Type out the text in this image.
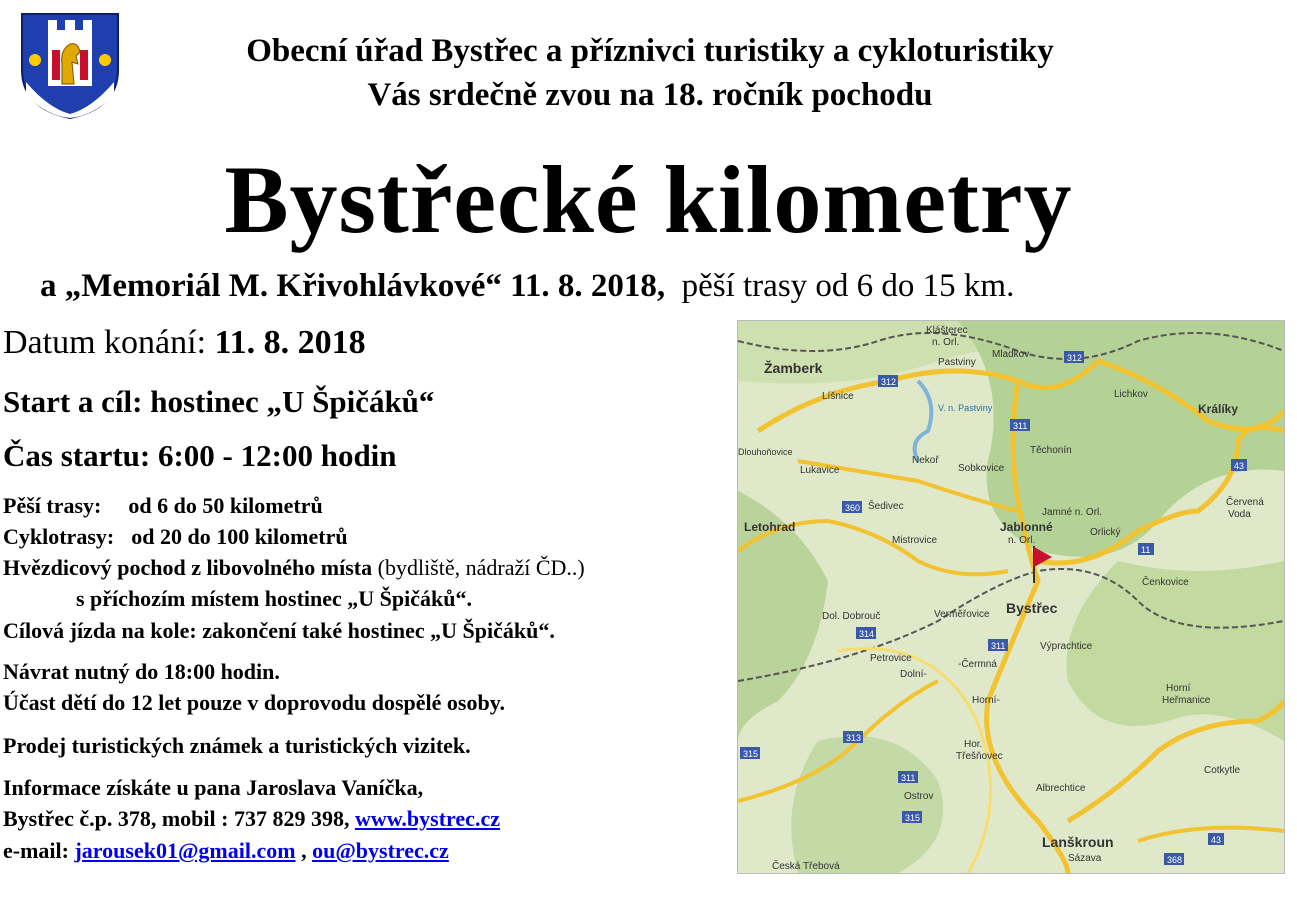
Obecní úřad Bystřec a příznivci turistiky a cykloturistiky
Vás srdečně zvou na 18. ročník pochodu
Bystřecké kilometry
a „Memoriál M. Křivohlávkové“ 11. 8. 2018, pěší trasy od 6 do 15 km.
Datum konání: 11. 8. 2018
Start a cíl: hostinec „U Špičáků“
Čas startu: 6:00 - 12:00 hodin
Pěší trasy: od 6 do 50 kilometrů
Cyklotrasy: od 20 do 100 kilometrů
Hvězdicový pochod z libovolného místa (bydliště, nádraží ČD..)
s příchozím místem hostinec „U Špičáků“.
Cílová jízda na kole: zakončení také hostinec „U Špičáků“.
Návrat nutný do 18:00 hodin.
Účast dětí do 12 let pouze v doprovodu dospělé osoby.
Prodej turistických známek a turistických vizitek.
Informace získáte u pana Jaroslava Vaníčka,
Bystřec č.p. 378, mobil : 737 829 398, www.bystrec.cz
e-mail: jarousek01@gmail.com , ou@bystrec.cz
312
312
311
311
311
43
43
360
11
314
313
315
315
368
Žamberk
Líšnice
Klášterec
n. Orl.
Pastviny
Mladkov
Lichkov
Králíky
V. n. Pastviny
Těchonín
Dlouhoňovice
Lukavice
Nekoř
Sobkovice
Šedivec
Letohrad
Jamné n. Orl.
Jablonné
n. Orl.
Orlický
Červená
Voda
Mistrovice
Čenkovice
Dol. Dobrouč	Verměřovice Bystřec
Výprachtice
Petrovice
Dolní-
-Čermná
Horní-
Horní
Heřmanice
Hor.
Třešňovec
Cotkytle
Albrechtice
Ostrov
Lanškroun
Sázava
Česká Třebová
